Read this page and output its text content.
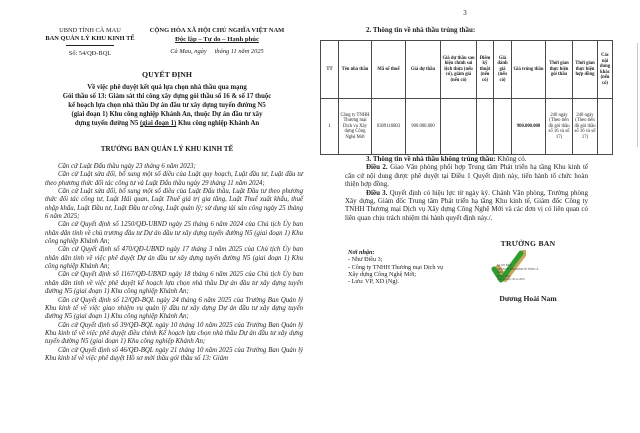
UBND TỈNH CÀ MAU
BAN QUẢN LÝ KHU KINH TẾ
Số: 54/QĐ-BQL
CỘNG HÒA XÃ HỘI CHỦ NGHĨA VIỆT NAM
Độc lập – Tự do – Hạnh phúc
Cà Mau, ngày     tháng 11 năm 2025
QUYẾT ĐỊNH
Về việc phê duyệt kết quả lựa chọn nhà thầu qua mạng
Gói thầu số 13: Giám sát thi công xây dựng gói thầu số 16 & số 17 thuộc
kế hoạch lựa chọn nhà thầu Dự án đầu tư xây dựng tuyến đường N5
(giai đoạn 1) Khu công nghiệp Khánh An, thuộc Dự án đầu tư xây
dựng tuyến đường N5 (giai đoạn 1) Khu công nghiệp Khánh An
TRƯỞNG BAN QUẢN LÝ KHU KINH TẾ

Căn cứ Luật Đấu thầu ngày 23 tháng 6 năm 2023;

Căn cứ Luật sửa đổi, bổ sung một số điều của Luật quy hoạch, Luật đầu tư, Luật đầu tư theo phương thức đối tác công tư và Luật Đấu thầu ngày 29 tháng 11 năm 2024;

Căn cứ Luật sửa đổi, bổ sung một số điều của Luật Đấu thầu, Luật Đầu tư theo phương thức đối tác công tư, Luật Hải quan, Luật Thuế giá trị gia tăng, Luật Thuế xuất khẩu, thuế nhập khẩu, Luật Đầu tư, Luật Đầu tư công, Luật quản lý; sử dụng tài sản công ngày 25 tháng 6 năm 2025;

Căn cứ Quyết định số 1250/QĐ-UBND ngày 25 tháng 6 năm 2024 của Chủ tịch Ủy ban nhân dân tỉnh về chủ trương đầu tư Dự án đầu tư xây dựng tuyến đường N5 (giai đoạn 1) Khu công nghiệp Khánh An;

Căn cứ Quyết định số 470/QĐ-UBND ngày 17 tháng 3 năm 2025 của Chủ tịch Ủy ban nhân dân tỉnh về việc phê duyệt Dự án đầu tư xây dựng tuyến đường N5 (giai đoạn 1) Khu công nghiệp Khánh An;

Căn cứ Quyết định số 1167/QĐ-UBND ngày 18 tháng 6 năm 2025 của Chủ tịch Ủy ban nhân dân tỉnh về việc phê duyệt kế hoạch lựa chọn nhà thầu Dự án đầu tư xây dựng tuyến đường N5 (giai đoạn 1) Khu công nghiệp Khánh An;

Căn cứ Quyết định số 12/QĐ-BQL ngày 24 tháng 6 năm 2025 của Trưởng Ban Quản lý Khu kinh tế về việc giao nhiệm vụ quản lý đầu tư xây dựng Dự án đầu tư xây dựng tuyến đường N5 (giai đoạn 1) Khu công nghiệp Khánh An;

Căn cứ Quyết định số 39/QĐ-BQL ngày 10 tháng 10 năm 2025 của Trưởng Ban Quản lý Khu kinh tế về việc phê duyệt điều chỉnh Kế hoạch lựa chọn nhà thầu Dự án đầu tư xây dựng tuyến đường N5 (giai đoạn 1) Khu công nghiệp Khánh An;

Căn cứ Quyết định số 46/QĐ-BQL ngày 21 tháng 10 năm 2025 của Trưởng Ban Quản lý Khu kinh tế về việc phê duyệt Hồ sơ mời thầu gói thầu số 13: Giám

3
2. Thông tin về nhà thầu trúng thầu:
TT	Tên nhà thầu	Mã số thuế	Giá dự thầu	Giá dự thầu sau hiệu chỉnh sai lệch thừa (nếu có), giảm giá (nếu có)	Điểm kỹ thuật (nếu có)	Giá đánh giá (nếu có)	Giá trúng thầu	Thời gian thực hiện gói thầu	Thời gian thực hiện hợp đồng	Các nội dung khác (nếu có)
1	Công ty TNHH Thương mại Dịch vụ Xây dựng Công Nghệ Mới	0309116803	900.000.000				900.000.000	240 ngày (Theo tiến độ gói thầu số 16 và số 17)	240 ngày (Theo tiến độ gói thầu số 16 và số 17)	

3. Thông tin về nhà thầu không trúng thầu: Không có.

Điều 2. Giao Văn phòng phối hợp Trung tâm Phát triển hạ tầng Khu kinh tế căn cứ nội dung được phê duyệt tại Điều 1 Quyết định này, tiến hành tổ chức hoàn thiện hợp đồng.

Điều 3. Quyết định có hiệu lực từ ngày ký. Chánh Văn phòng, Trưởng phòng Xây dựng, Giám đốc Trung tâm Phát triển hạ tầng Khu kinh tế, Giám đốc Công ty TNHH Thương mại Dịch vụ Xây dựng Công Nghệ Mới và các đơn vị có liên quan có liên quan chịu trách nhiệm thi hành quyết định này./.

TRƯỞNG BAN
Nơi nhận:
- Như Điều 3;
- Công ty TNHH Thương mại Dịch vụ
Xây dựng Công Nghệ Mới;
- Lưu: VP, XD (Ng).
Ký bởi: BAN
QUẢN LÝ KHU KINH TẾ TỈNH CÀ
MAU
Mã số: BQL
Thời gian ký: 20-11-2025
Dương Hoài Nam
